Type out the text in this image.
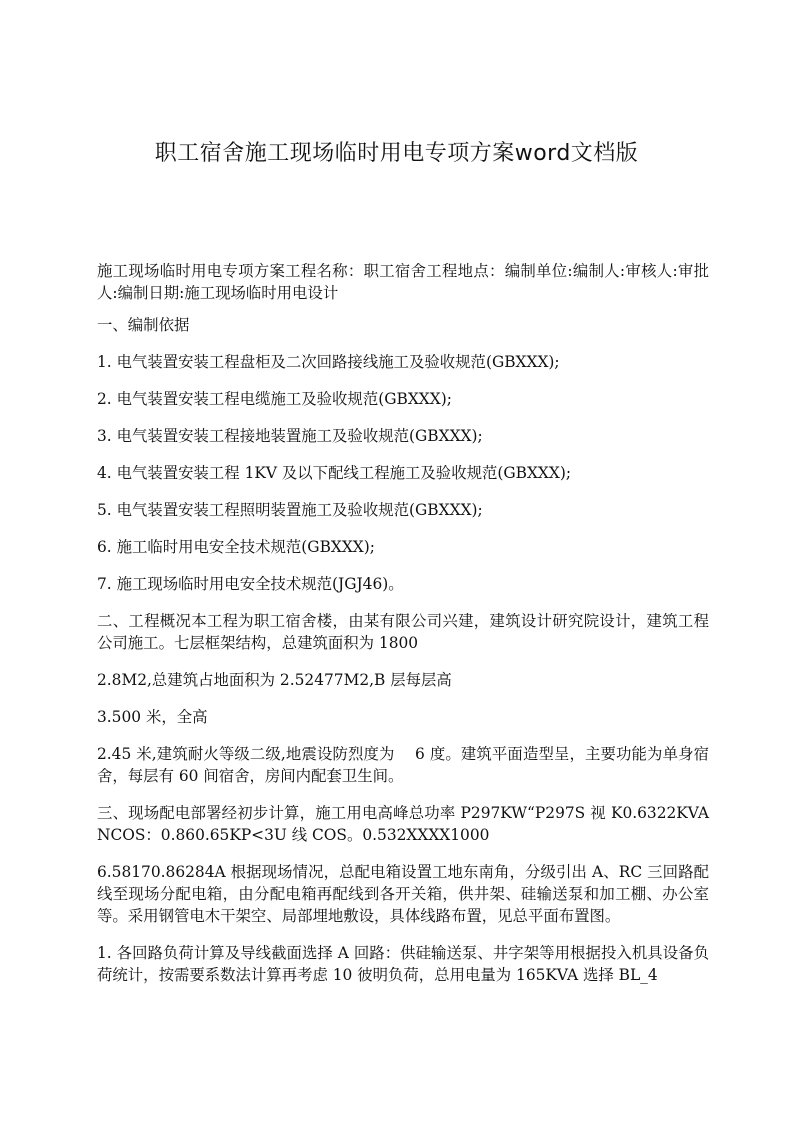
职工宿舍施工现场临时用电专项方案word文档版

施工现场临时用电专项方案工程名称：职工宿舍工程地点：编制单位:编制人:审核人:审批人:编制日期:施工现场临时用电设计

一、编制依据

1. 电气装置安装工程盘柜及二次回路接线施工及验收规范(GBXXX);

2. 电气装置安装工程电缆施工及验收规范(GBXXX);

3. 电气装置安装工程接地装置施工及验收规范(GBXXX);

4. 电气装置安装工程 1KV 及以下配线工程施工及验收规范(GBXXX);

5. 电气装置安装工程照明装置施工及验收规范(GBXXX);

6. 施工临时用电安全技术规范(GBXXX);

7. 施工现场临时用电安全技术规范(JGJ46)。

二、工程概况本工程为职工宿舍楼，由某有限公司兴建，建筑设计研究院设计，建筑工程公司施工。七层框架结构，总建筑面积为 1800

2.8M2,总建筑占地面积为 2.52477M2,B 层每层高

3.500 米，全高

2.45 米,建筑耐火等级二级,地震设防烈度为　 6 度。建筑平面造型呈，主要功能为单身宿舍，每层有 60 间宿舍，房间内配套卫生间。

三、现场配电部署经初步计算，施工用电高峰总功率 P297KW“P297S 视 K0.6322KVANCOS：0.860.65KP<3U 线 COS。0.532XXXX1000

6.58170.86284A 根据现场情况，总配电箱设置工地东南角，分级引出 A、RC 三回路配线至现场分配电箱，由分配电箱再配线到各开关箱，供井架、硅输送泵和加工棚、办公室等。采用钢管电木干架空、局部埋地敷设，具体线路布置，见总平面布置图。

1. 各回路负荷计算及导线截面选择 A 回路：供硅输送泵、井字架等用根据投入机具设备负荷统计，按需要系数法计算再考虑 10 彼明负荷，总用电量为 165KVA 选择 BL_4
